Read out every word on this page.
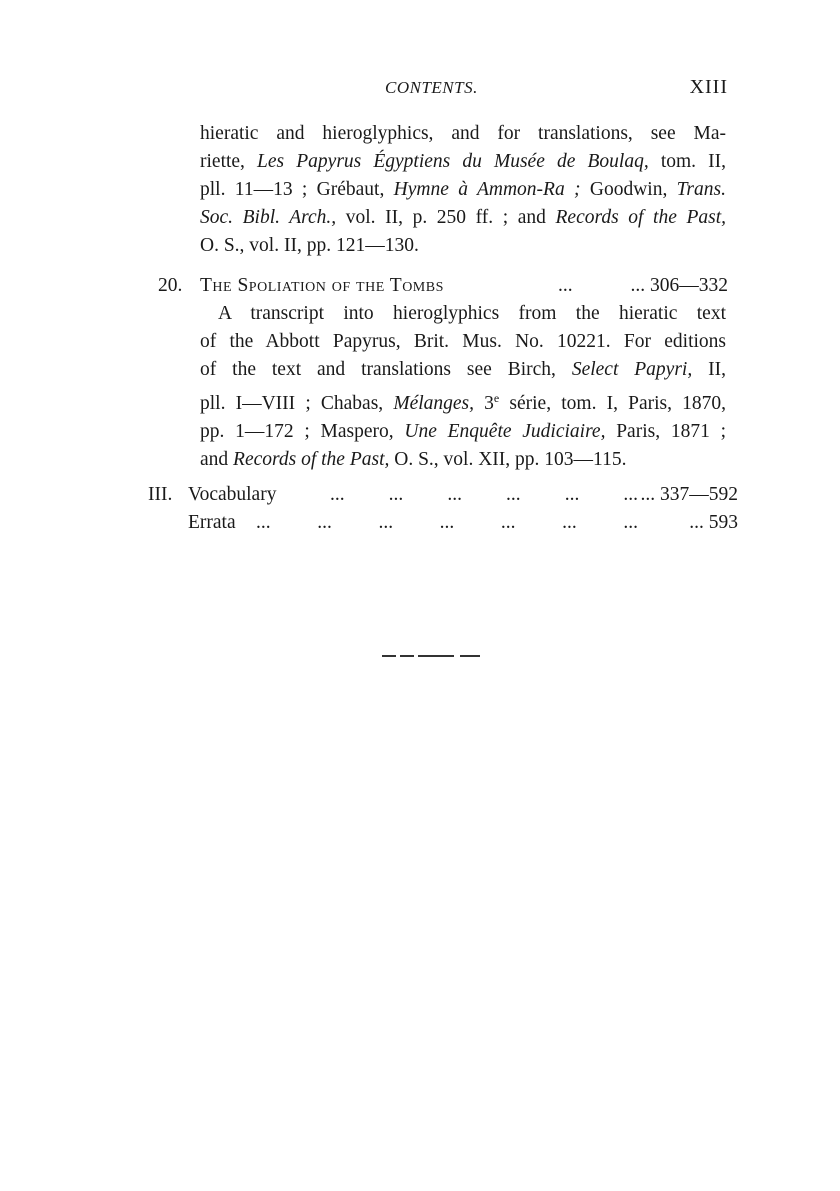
CONTENTS.	XIII
hieratic and hieroglyphics, and for translations, see Ma-
riette, Les Papyrus Égyptiens du Musée de Boulaq, tom. II,
pll. 11—13 ; Grébaut, Hymne à Ammon-Ra ; Goodwin, Trans.
Soc. Bibl. Arch., vol. II, p. 250 ff. ; and Records of the Past,
O. S., vol. II, pp. 121—130.
20. The Spoliation of the Tombs	...	... 306—332
A transcript into hieroglyphics from the hieratic text
of the Abbott Papyrus, Brit. Mus. No. 10221. For editions
of the text and translations see Birch, Select Papyri, II,
pll. I—VIII ; Chabas, Mélanges, 3e série, tom. I, Paris, 1870,
pp. 1—172 ; Maspero, Une Enquête Judiciaire, Paris, 1871 ;
and Records of the Past, O. S., vol. XII, pp. 103—115.
III. Vocabulary	... ... ... ... ... ... ... 337—592
Errata ... ... ... ... ... ... ...	... 593
